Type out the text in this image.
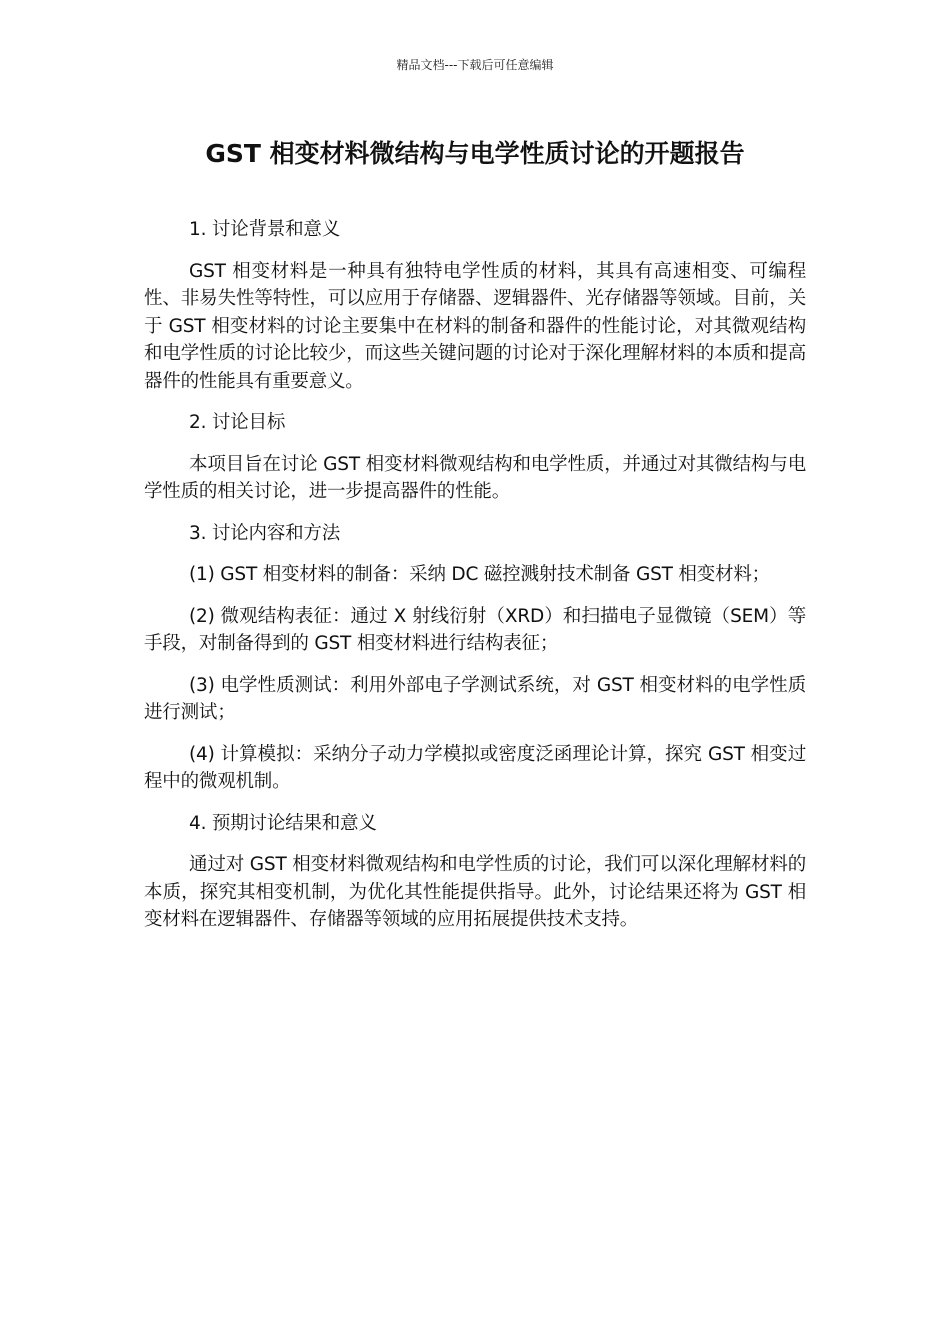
精品文档---下载后可任意编辑
GST 相变材料微结构与电学性质讨论的开题报告

1. 讨论背景和意义

GST 相变材料是一种具有独特电学性质的材料，其具有高速相变、可编程性、非易失性等特性，可以应用于存储器、逻辑器件、光存储器等领域。目前，关于 GST 相变材料的讨论主要集中在材料的制备和器件的性能讨论，对其微观结构和电学性质的讨论比较少，而这些关键问题的讨论对于深化理解材料的本质和提高器件的性能具有重要意义。

2. 讨论目标

本项目旨在讨论 GST 相变材料微观结构和电学性质，并通过对其微结构与电学性质的相关讨论，进一步提高器件的性能。

3. 讨论内容和方法

(1) GST 相变材料的制备：采纳 DC 磁控溅射技术制备 GST 相变材料；

(2) 微观结构表征：通过 X 射线衍射（XRD）和扫描电子显微镜（SEM）等手段，对制备得到的 GST 相变材料进行结构表征；

(3) 电学性质测试：利用外部电子学测试系统，对 GST 相变材料的电学性质进行测试；

(4) 计算模拟：采纳分子动力学模拟或密度泛函理论计算，探究 GST 相变过程中的微观机制。

4. 预期讨论结果和意义

通过对 GST 相变材料微观结构和电学性质的讨论，我们可以深化理解材料的本质，探究其相变机制，为优化其性能提供指导。此外，讨论结果还将为 GST 相变材料在逻辑器件、存储器等领域的应用拓展提供技术支持。
